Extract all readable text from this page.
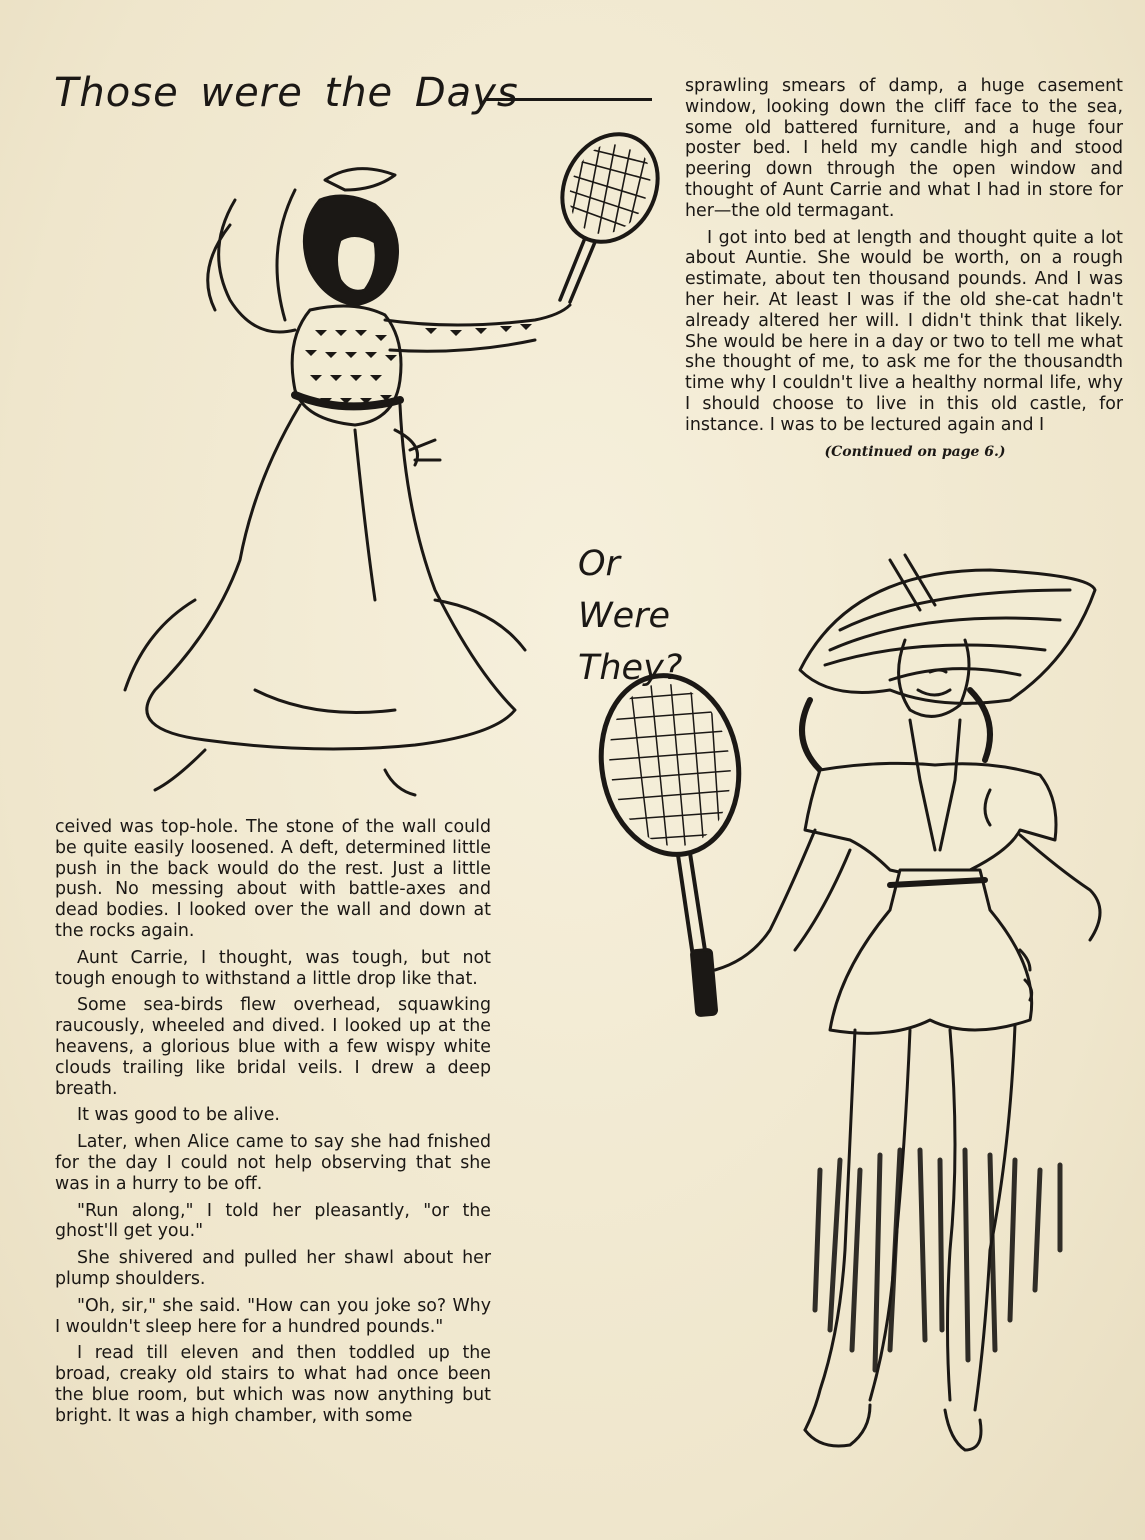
Those were the Days	sprawling smears of damp, a huge casement window, looking down the cliff face to the sea, some old battered furniture, and a huge four poster bed. I held my candle high and stood peering down through the open window and thought of Aunt Carrie and what I had in store for her—the old termagant.

I got into bed at length and thought quite a lot about Auntie. She would be worth, on a rough estimate, about ten thousand pounds. And I was her heir. At least I was if the old she-cat hadn't already altered her will. I didn't think that likely. She would be here in a day or two to tell me what she thought of me, to ask me for the thousandth time why I couldn't live a healthy normal life, why I should choose to live in this old castle, for instance. I was to be lectured again and I

(Continued on page 6.)

Or
Were
They?

ceived was top-hole. The stone of the wall could be quite easily loosened. A deft, determined little push in the back would do the rest. Just a little push. No messing about with battle-axes and dead bodies. I looked over the wall and down at the rocks again.

Aunt Carrie, I thought, was tough, but not tough enough to withstand a little drop like that.

Some sea-birds flew overhead, squawking raucously, wheeled and dived. I looked up at the heavens, a glorious blue with a few wispy white clouds trailing like bridal veils. I drew a deep breath.

It was good to be alive.

Later, when Alice came to say she had fnished for the day I could not help observing that she was in a hurry to be off.

"Run along," I told her pleasantly, "or the ghost'll get you."

She shivered and pulled her shawl about her plump shoulders.

"Oh, sir," she said. "How can you joke so? Why I wouldn't sleep here for a hundred pounds."

I read till eleven and then toddled up the broad, creaky old stairs to what had once been the blue room, but which was now anything but bright. It was a high chamber, with some
